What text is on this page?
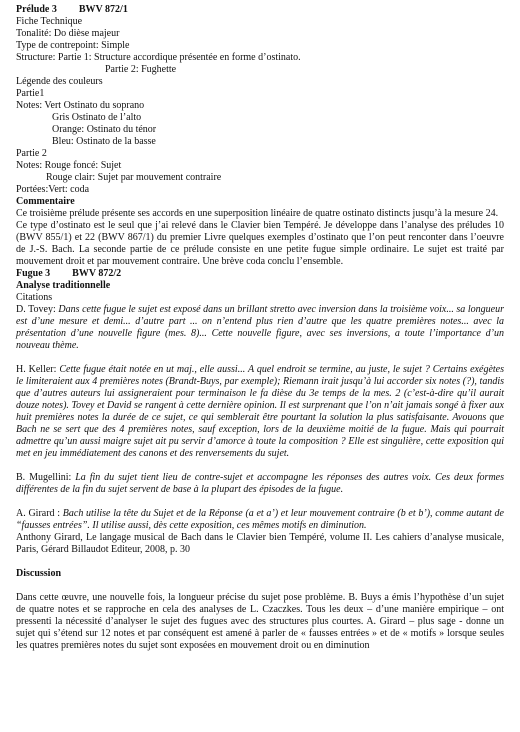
Prélude 3 BWV 872/1

Fiche Technique

Tonalité: Do dièse majeur

Type de contrepoint: Simple

Structure: Partie 1: Structure accordique présentée en forme d’ostinato.

Partie 2: Fughette

Légende des couleurs

Partie1

Notes: Vert Ostinato du soprano

Gris Ostinato de l’alto

Orange: Ostinato du ténor

Bleu: Ostinato de la basse

Partie 2

Notes: Rouge foncé: Sujet

Rouge clair: Sujet par mouvement contraire

Portées:Vert: coda

Commentaire

Ce troisième prélude présente ses accords en une superposition linéaire de quatre ostinato distincts jusqu’à la mesure 24.

Ce type d’ostinato est le seul que j’ai relevé dans le Clavier bien Tempéré. Je développe dans l’analyse des préludes 10 (BWV 855/1) et 22 (BWV 867/1) du premier Livre quelques exemples d’ostinato que l’on peut renconter dans l’oeuvre de J.-S. Bach. La seconde partie de ce prélude consiste en une petite fugue simple ordinaire. Le sujet est traité par mouvement droit et par mouvement contraire. Une brève coda conclu l’ensemble.

Fugue 3 BWV 872/2

Analyse traditionnelle

Citations

D. Tovey: Dans cette fugue le sujet est exposé dans un brillant stretto avec inversion dans la troisième voix... sa longueur est d’une mesure et demi... d’autre part ... on n’entend plus rien d’autre que les quatre premières notes... avec la présentation d’une nouvelle figure (mes. 8)... Cette nouvelle figure, avec ses inversions, a toute l’importance d’un nouveau thème.

H. Keller: Cette fugue était notée en ut maj., elle aussi... A quel endroit se termine, au juste, le sujet ? Certains exégètes le limiteraient aux 4 premières notes (Brandt-Buys, par exemple); Riemann irait jusqu’à lui accorder six notes (?), tandis que d’autres auteurs lui assigneraient pour terminaison le fa dièse du 3e temps de la mes. 2 (c’est-à-dire qu’il aurait douze notes). Tovey et David se rangent à cette dernière opinion. Il est surprenant que l’on n’ait jamais songé à fixer aux huit premières notes la durée de ce sujet, ce qui semblerait être pourtant la solution la plus satisfaisante. Avouons que Bach ne se sert que des 4 premières notes, sauf exception, lors de la deuxième moitié de la fugue. Mais qui pourrait admettre qu’un aussi maigre sujet ait pu servir d’amorce à toute la composition ? Elle est singulière, cette exposition qui met en jeu immédiatement des canons et des renversements du sujet.

B. Mugellini: La fin du sujet tient lieu de contre-sujet et accompagne les réponses des autres voix. Ces deux formes différentes de la fin du sujet servent de base à la plupart des épisodes de la fugue.

A. Girard : Bach utilise la tête du Sujet et de la Réponse (a et a’) et leur mouvement contraire (b et b’), comme autant de “fausses entrées”. Il utilise aussi, dès cette exposition, ces mêmes motifs en diminution.

Anthony Girard, Le langage musical de Bach dans le Clavier bien Tempéré, volume II. Les cahiers d’analyse musicale, Paris, Gérard Billaudot Editeur, 2008, p. 30

Discussion

Dans cette œuvre, une nouvelle fois, la longueur précise du sujet pose problème. B. Buys a émis l’hypothèse d’un sujet de quatre notes et se rapproche en cela des analyses de L. Czaczkes. Tous les deux – d’une manière empirique – ont pressenti la nécessité d’analyser le sujet des fugues avec des structures plus courtes. A. Girard – plus sage - donne un sujet qui s’étend sur 12 notes et par conséquent est amené à parler de « fausses entrées » et de « motifs » lorsque seules les quatres premières notes du sujet sont exposées en mouvement droit ou en diminution
